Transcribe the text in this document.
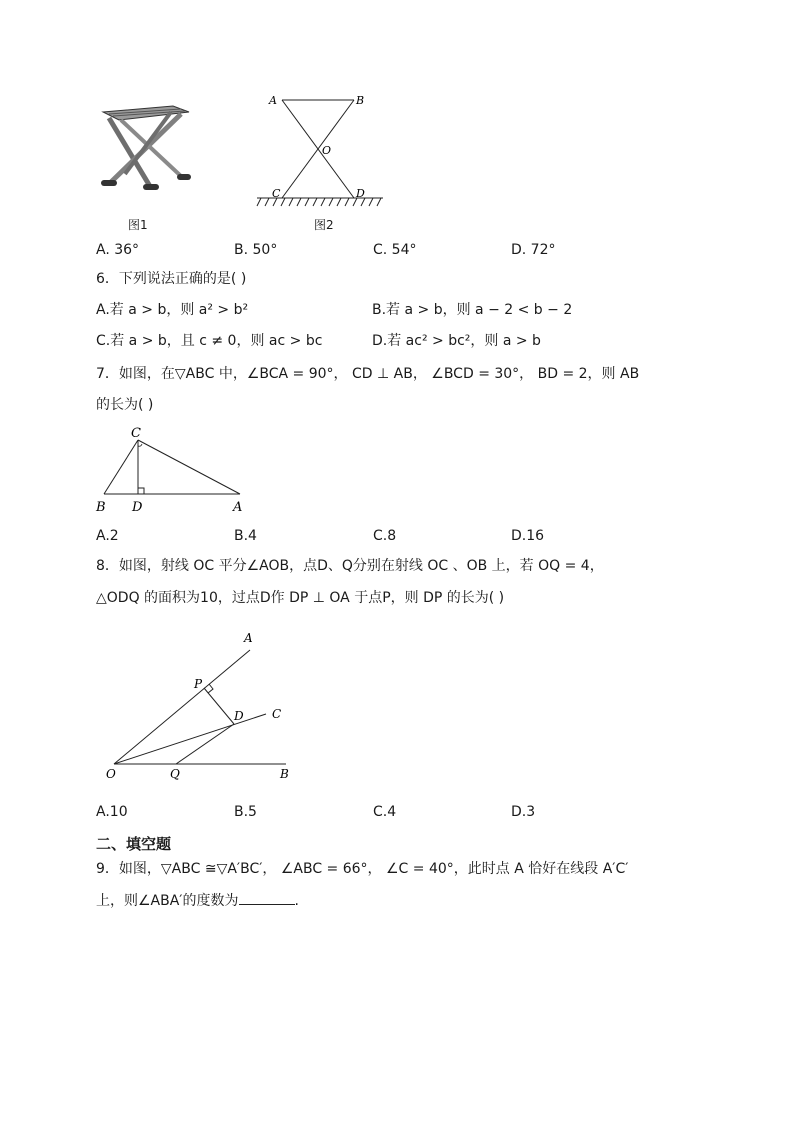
图1
A	B
O
C	D
图2
A. 36°	B. 50°	C. 54°	D. 72°
6．下列说法正确的是( )
A.若 a > b，则 a² > b²	B.若 a > b，则 a − 2 < b − 2
C.若 a > b，且 c ≠ 0，则 ac > bc	D.若 ac² > bc²，则 a > b
7．如图，在▽ABC 中，∠BCA = 90°， CD ⊥ AB， ∠BCD = 30°， BD = 2，则 AB
的长为( )
C
B D	A
A.2	B.4	C.8	D.16
8．如图，射线 OC 平分∠AOB，点D、Q分别在射线 OC 、OB 上，若 OQ = 4，
△ODQ 的面积为10，过点D作 DP ⊥ OA 于点P，则 DP 的长为( )
A
P
D C
O	Q	B
A.10	B.5	C.4	D.3
二、填空题
9．如图，▽ABC ≅▽A′BC′， ∠ABC = 66°， ∠C = 40°，此时点 A 恰好在线段 A′C′
上，则∠ABA′的度数为	.
